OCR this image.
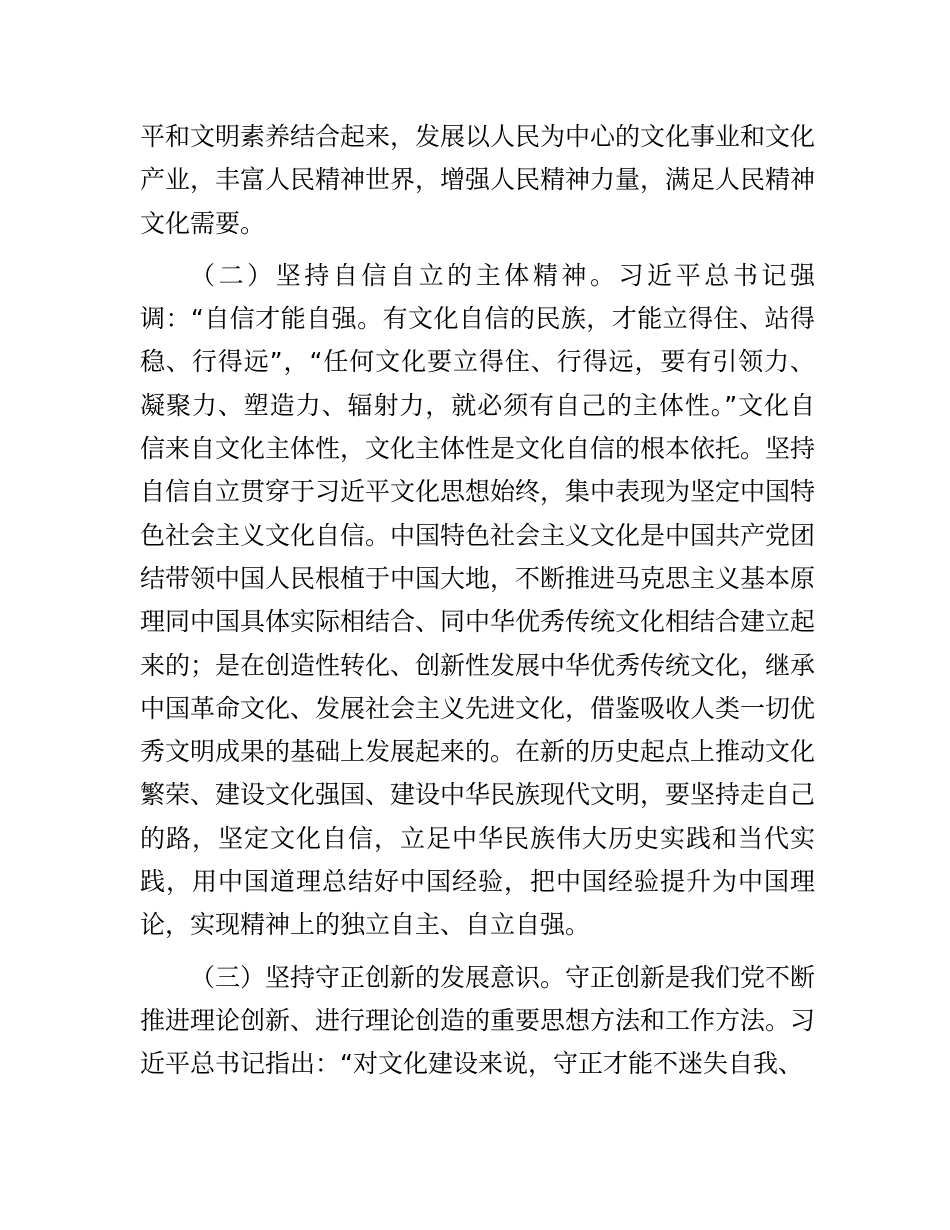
平和文明素养结合起来，发展以人民为中心的文化事业和文化产业，丰富人民精神世界，增强人民精神力量，满足人民精神文化需要。

（二）坚持自信自立的主体精神。习近平总书记强调：“自信才能自强。有文化自信的民族，才能立得住、站得稳、行得远”，“任何文化要立得住、行得远，要有引领力、凝聚力、塑造力、辐射力，就必须有自己的主体性。”文化自信来自文化主体性，文化主体性是文化自信的根本依托。坚持自信自立贯穿于习近平文化思想始终，集中表现为坚定中国特色社会主义文化自信。中国特色社会主义文化是中国共产党团结带领中国人民根植于中国大地，不断推进马克思主义基本原理同中国具体实际相结合、同中华优秀传统文化相结合建立起来的；是在创造性转化、创新性发展中华优秀传统文化，继承中国革命文化、发展社会主义先进文化，借鉴吸收人类一切优秀文明成果的基础上发展起来的。在新的历史起点上推动文化繁荣、建设文化强国、建设中华民族现代文明，要坚持走自己的路，坚定文化自信，立足中华民族伟大历史实践和当代实践，用中国道理总结好中国经验，把中国经验提升为中国理论，实现精神上的独立自主、自立自强。

（三）坚持守正创新的发展意识。守正创新是我们党不断推进理论创新、进行理论创造的重要思想方法和工作方法。习近平总书记指出：“对文化建设来说，守正才能不迷失自我、
